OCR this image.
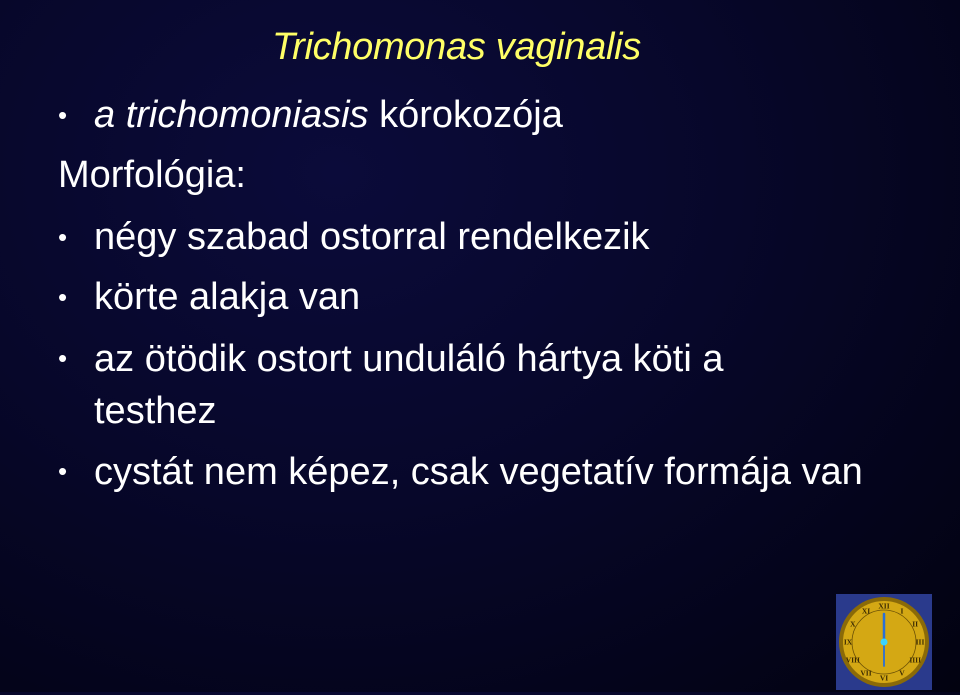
Trichomonas vaginalis
• a trichomoniasis kórokozója
Morfológia:
• négy szabad ostorral rendelkezik
• körte alakja van
• az ötödik ostort unduláló hártya köti a testhez
• cystát nem képez, csak vegetatív formája van
XII
I
II
III
IIII
V
VI
VII
VIII
IX
X
XI
